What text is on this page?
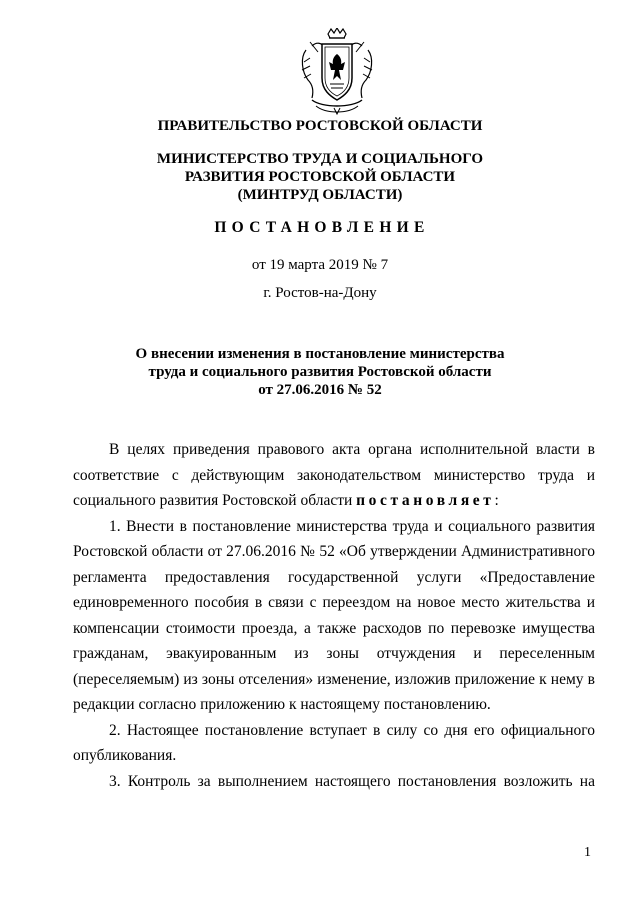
ПРАВИТЕЛЬСТВО РОСТОВСКОЙ ОБЛАСТИ
МИНИСТЕРСТВО ТРУДА И СОЦИАЛЬНОГО
РАЗВИТИЯ РОСТОВСКОЙ ОБЛАСТИ
(МИНТРУД ОБЛАСТИ)
ПОСТАНОВЛЕНИЕ
от 19 марта 2019 № 7
г. Ростов-на-Дону
О внесении изменения в постановление министерства
труда и социального развития Ростовской области
от 27.06.2016 № 52
В целях приведения правового акта органа исполнительной власти в
соответствие с действующим законодательством министерство труда и
социального развития Ростовской области постановляет:
1. Внести в постановление министерства труда и социального развития
Ростовской области от 27.06.2016 № 52 «Об утверждении Административного
регламента предоставления государственной услуги «Предоставление
единовременного пособия в связи с переездом на новое место жительства и
компенсации стоимости проезда, а также расходов по перевозке имущества
гражданам, эвакуированным из зоны отчуждения и переселенным
(переселяемым) из зоны отселения» изменение, изложив приложение к нему в
редакции согласно приложению к настоящему постановлению.
2. Настоящее постановление вступает в силу со дня его официального
опубликования.
3. Контроль за выполнением настоящего постановления возложить на
1
